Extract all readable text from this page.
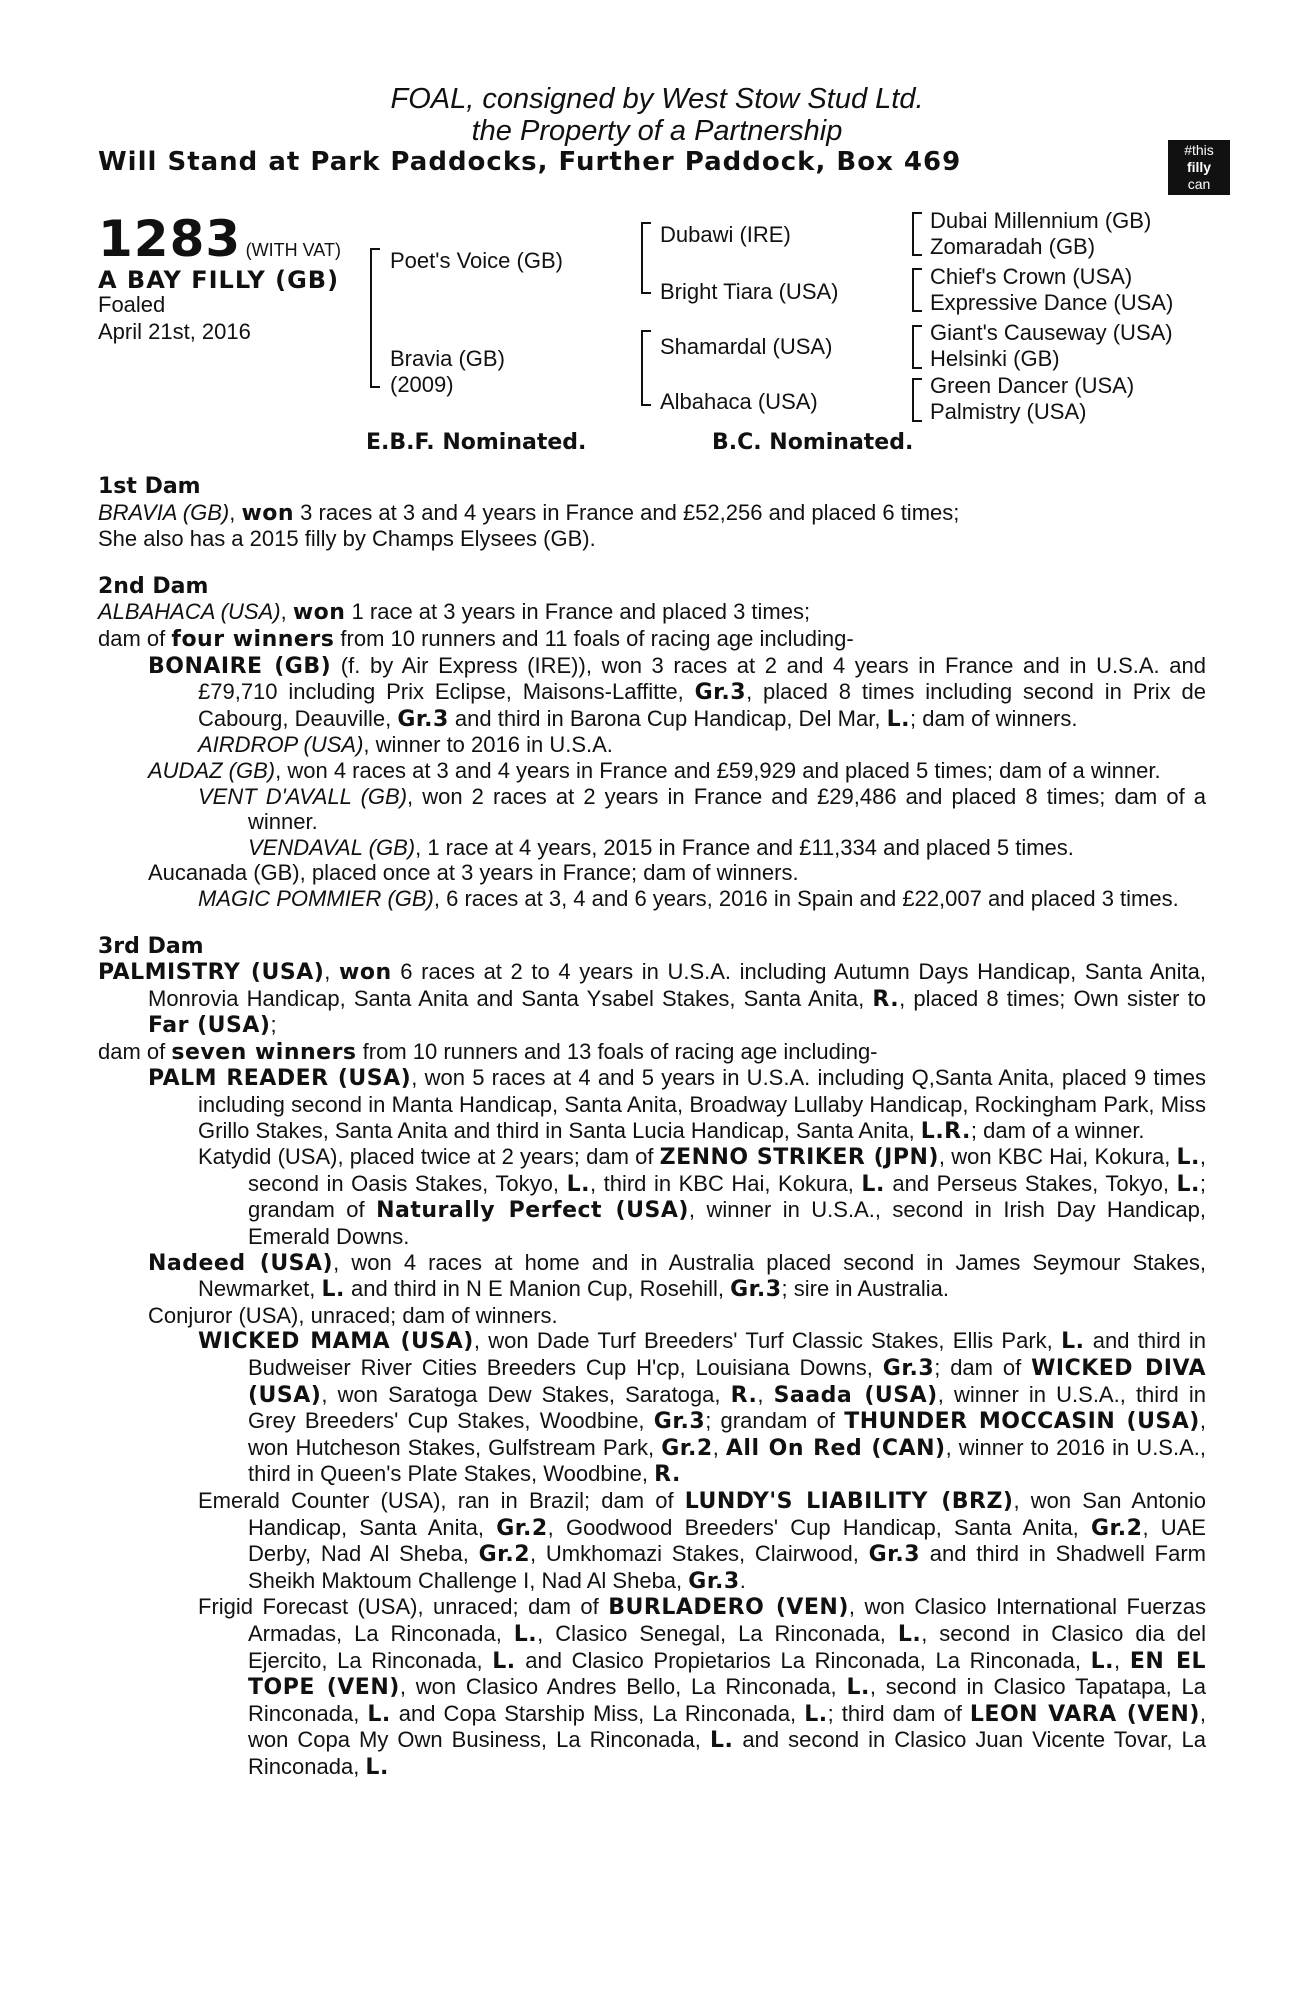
FOAL, consigned by West Stow Stud Ltd.
the Property of a Partnership
Will Stand at Park Paddocks, Further Paddock, Box 469	#this
filly
can
1283 (WITH VAT)
A BAY FILLY (GB)
Foaled
April 21st, 2016
Poet's Voice (GB)
Bravia (GB)
(2009)
Dubawi (IRE)
Bright Tiara (USA)
Shamardal (USA)
Albahaca (USA)
Dubai Millennium (GB)
Zomaradah (GB)
Chief's Crown (USA)
Expressive Dance (USA)
Giant's Causeway (USA)
Helsinki (GB)
Green Dancer (USA)
Palmistry (USA)
E.B.F. Nominated.	B.C. Nominated.
1st Dam
BRAVIA (GB), won 3 races at 3 and 4 years in France and £52,256 and placed 6 times;
She also has a 2015 filly by Champs Elysees (GB).
2nd Dam
ALBAHACA (USA), won 1 race at 3 years in France and placed 3 times;
dam of four winners from 10 runners and 11 foals of racing age including-
BONAIRE (GB) (f. by Air Express (IRE)), won 3 races at 2 and 4 years in France and in U.S.A. and £79,710 including Prix Eclipse, Maisons-Laffitte, Gr.3, placed 8 times including second in Prix de Cabourg, Deauville, Gr.3 and third in Barona Cup Handicap, Del Mar, L.; dam of winners.
AIRDROP (USA), winner to 2016 in U.S.A.
AUDAZ (GB), won 4 races at 3 and 4 years in France and £59,929 and placed 5 times; dam of a winner.
VENT D'AVALL (GB), won 2 races at 2 years in France and £29,486 and placed 8 times; dam of a winner.
VENDAVAL (GB), 1 race at 4 years, 2015 in France and £11,334 and placed 5 times.
Aucanada (GB), placed once at 3 years in France; dam of winners.
MAGIC POMMIER (GB), 6 races at 3, 4 and 6 years, 2016 in Spain and £22,007 and placed 3 times.
3rd Dam
PALMISTRY (USA), won 6 races at 2 to 4 years in U.S.A. including Autumn Days Handicap, Santa Anita, Monrovia Handicap, Santa Anita and Santa Ysabel Stakes, Santa Anita, R., placed 8 times; Own sister to Far (USA);
dam of seven winners from 10 runners and 13 foals of racing age including-
PALM READER (USA), won 5 races at 4 and 5 years in U.S.A. including Q,Santa Anita, placed 9 times including second in Manta Handicap, Santa Anita, Broadway Lullaby Handicap, Rockingham Park, Miss Grillo Stakes, Santa Anita and third in Santa Lucia Handicap, Santa Anita, L.R.; dam of a winner.
Katydid (USA), placed twice at 2 years; dam of ZENNO STRIKER (JPN), won KBC Hai, Kokura, L., second in Oasis Stakes, Tokyo, L., third in KBC Hai, Kokura, L. and Perseus Stakes, Tokyo, L.; grandam of Naturally Perfect (USA), winner in U.S.A., second in Irish Day Handicap, Emerald Downs.
Nadeed (USA), won 4 races at home and in Australia placed second in James Seymour Stakes, Newmarket, L. and third in N E Manion Cup, Rosehill, Gr.3; sire in Australia.
Conjuror (USA), unraced; dam of winners.
WICKED MAMA (USA), won Dade Turf Breeders' Turf Classic Stakes, Ellis Park, L. and third in Budweiser River Cities Breeders Cup H'cp, Louisiana Downs, Gr.3; dam of WICKED DIVA (USA), won Saratoga Dew Stakes, Saratoga, R., Saada (USA), winner in U.S.A., third in Grey Breeders' Cup Stakes, Woodbine, Gr.3; grandam of THUNDER MOCCASIN (USA), won Hutcheson Stakes, Gulfstream Park, Gr.2, All On Red (CAN), winner to 2016 in U.S.A., third in Queen's Plate Stakes, Woodbine, R.
Emerald Counter (USA), ran in Brazil; dam of LUNDY'S LIABILITY (BRZ), won San Antonio Handicap, Santa Anita, Gr.2, Goodwood Breeders' Cup Handicap, Santa Anita, Gr.2, UAE Derby, Nad Al Sheba, Gr.2, Umkhomazi Stakes, Clairwood, Gr.3 and third in Shadwell Farm Sheikh Maktoum Challenge I, Nad Al Sheba, Gr.3.
Frigid Forecast (USA), unraced; dam of BURLADERO (VEN), won Clasico International Fuerzas Armadas, La Rinconada, L., Clasico Senegal, La Rinconada, L., second in Clasico dia del Ejercito, La Rinconada, L. and Clasico Propietarios La Rinconada, La Rinconada, L., EN EL TOPE (VEN), won Clasico Andres Bello, La Rinconada, L., second in Clasico Tapatapa, La Rinconada, L. and Copa Starship Miss, La Rinconada, L.; third dam of LEON VARA (VEN), won Copa My Own Business, La Rinconada, L. and second in Clasico Juan Vicente Tovar, La Rinconada, L.
